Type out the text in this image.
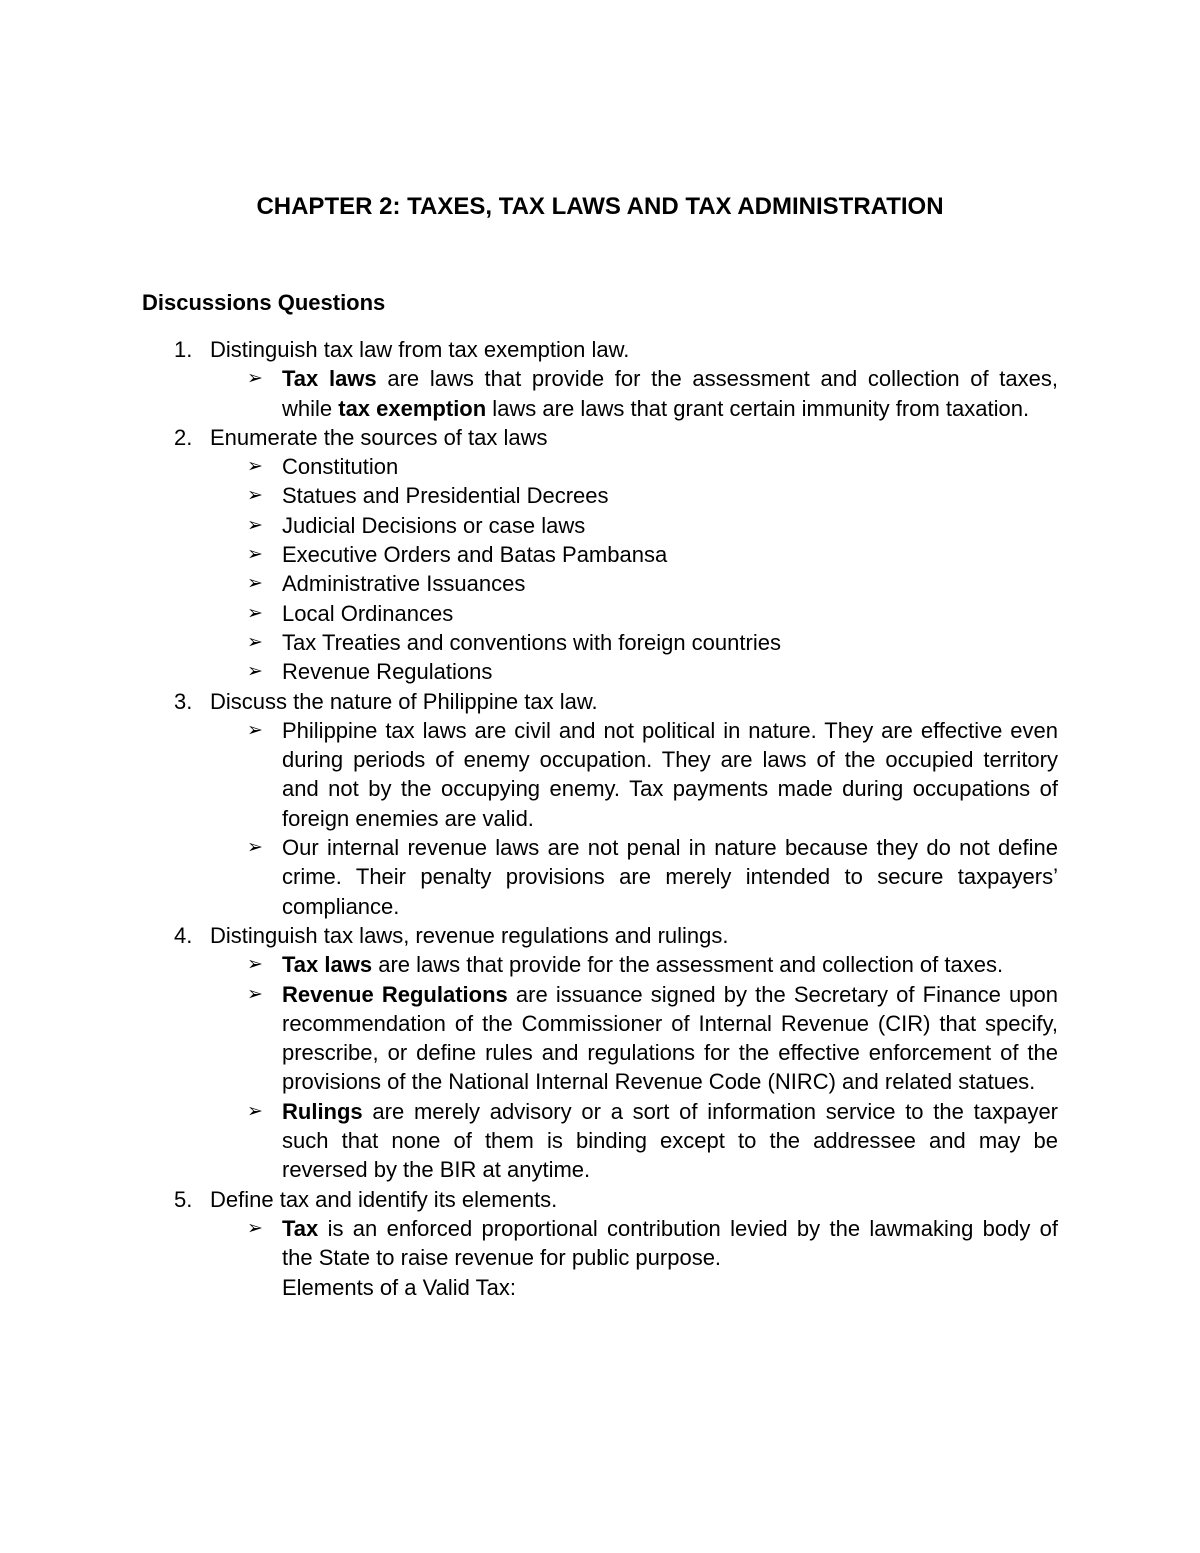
CHAPTER 2: TAXES, TAX LAWS AND TAX ADMINISTRATION
Discussions Questions
1. Distinguish tax law from tax exemption law.
➢ Tax laws are laws that provide for the assessment and collection of taxes, while tax exemption laws are laws that grant certain immunity from taxation.
2. Enumerate the sources of tax laws
➢ Constitution
➢ Statues and Presidential Decrees
➢ Judicial Decisions or case laws
➢ Executive Orders and Batas Pambansa
➢ Administrative Issuances
➢ Local Ordinances
➢ Tax Treaties and conventions with foreign countries
➢ Revenue Regulations
3. Discuss the nature of Philippine tax law.
➢ Philippine tax laws are civil and not political in nature. They are effective even during periods of enemy occupation. They are laws of the occupied territory and not by the occupying enemy. Tax payments made during occupations of foreign enemies are valid.
➢ Our internal revenue laws are not penal in nature because they do not define crime. Their penalty provisions are merely intended to secure taxpayers’ compliance.
4. Distinguish tax laws, revenue regulations and rulings.
➢ Tax laws are laws that provide for the assessment and collection of taxes.
➢ Revenue Regulations are issuance signed by the Secretary of Finance upon recommendation of the Commissioner of Internal Revenue (CIR) that specify, prescribe, or define rules and regulations for the effective enforcement of the provisions of the National Internal Revenue Code (NIRC) and related statues.
➢ Rulings are merely advisory or a sort of information service to the taxpayer such that none of them is binding except to the addressee and may be reversed by the BIR at anytime.
5. Define tax and identify its elements.
➢ Tax is an enforced proportional contribution levied by the lawmaking body of the State to raise revenue for public purpose.
Elements of a Valid Tax:
